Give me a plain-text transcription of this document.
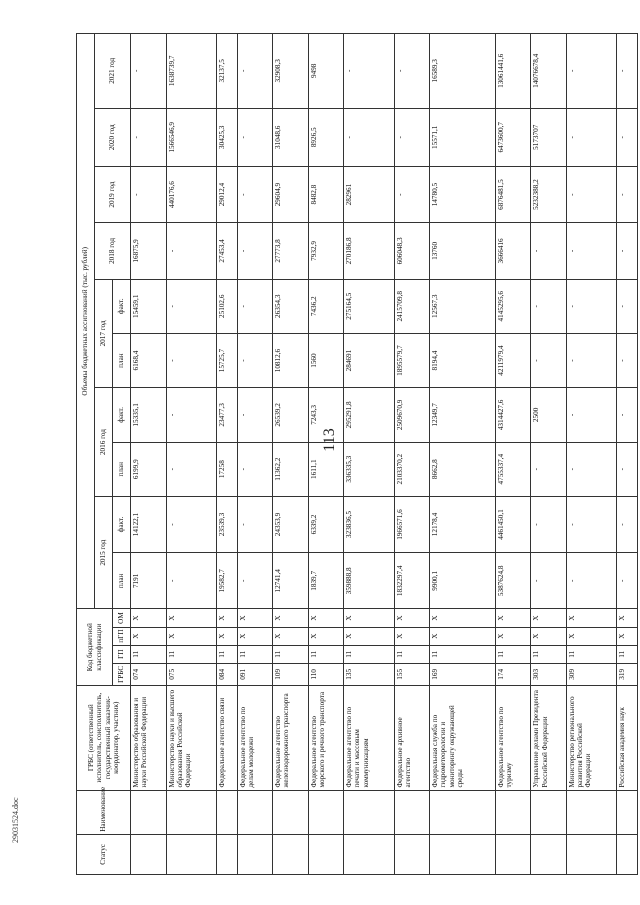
113
29031524.doc
Статус	Наименование	ГРБС (ответственный исполнитель, соисполнитель, государственный заказчик-координатор, участник)	Код бюджетной классификации				Объемы бюджетных ассигнований (тыс. рублей)									
							2015 год		2016 год		2017 год		2018 год	2019 год	2020 год	2021 год
			ГРБС	ГП	пГП	ОМ	план	факт.	план	факт.	план	факт.				

		Министерство образования и науки Российской Федерации	074	11	X	X	7191	14122,1	6199,9	15335,1	6168,4	15459,1	16875,9	-	-	-
		Министерство науки и высшего образования Российской Федерации	075	11	X	X	-	-	-	-	-	-	-	440176,6	1566546,9	1638739,7
		Федеральное агентство связи	084	11	X	X	19582,7	23539,3	17258	23477,3	15725,7	25102,6	27453,4	29012,4	30425,3	32137,5
		Федеральное агентство по делам молодежи	091	11	X	X	-	-	-	-	-	-	-	-	-	-
		Федеральное агентство железнодорожного транспорта	109	11	X	X	12741,4	24353,9	11362,2	26539,2	10812,6	26354,3	27773,8	29604,9	31048,6	32908,3
		Федеральное агентство морского и речного транспорта	110	11	X	X	1839,7	6339,2	1611,1	7243,3	1560	7436,2	7932,9	8482,8	8926,5	9498
		Федеральное агентство по печати и массовым коммуникациям	135	11	X	X	359888,8	323836,5	336335,3	295291,8	284691	275164,5	270186,8	282961	-	-
		Федеральное архивное агентство	155	11	X	X	1832297,4	1966571,6	2103370,2	2509670,9	1895579,7	2415709,8	606048,3	-	-	-
		Федеральная служба по гидрометеорологии и мониторингу окружающей среды	169	11	X	X	9900,1	12178,4	8662,8	12349,7	8194,4	12567,3	13760	14780,5	15571,1	16589,3
		Федеральное агентство по туризму	174	11	X	X	5387624,8	4461450,1	4755337,4	4314427,6	4211979,4	4145295,6	3666416	6876481,5	6473600,7	13061441,6
		Управление делами Президента Российской Федерации	303	11	X	X	-	-	-	2500	-	-	-	5232388,2	5173707	14076678,4
		Министерство регионального развития Российской Федерации	309	11	X	X	-	-	-	-	-	-	-	-	-	-
		Российская академия наук	319	11	X	X	-	-	-	-	-	-	-	-	-	-
